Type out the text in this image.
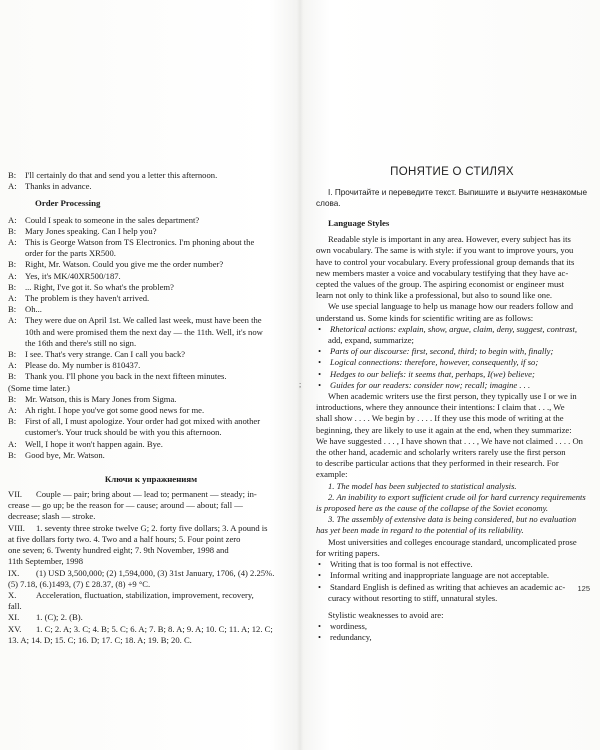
B:	I'll certainly do that and send you a letter this afternoon.
A: Thanks in advance.
Order Processing
A: Could I speak to someone in the sales department?
B:	Mary Jones speaking. Can I help you?
A: This is George Watson from TS Electronics. I'm phoning about the
order for the parts XR500.
B:	Right, Mr. Watson. Could you give me the order number?
A: Yes, it's MK/40XR500/187.
B:	... Right, I've got it. So what's the problem?
A: The problem is they haven't arrived.
B:	Oh...
A: They were due on April 1st. We called last week, must have been the
10th and were promised them the next day — the 11th. Well, it's now
the 16th and there's still no sign.
B:	I see. That's very strange. Can I call you back?
A: Please do. My number is 810437.
B:	Thank you. I'll phone you back in the next fifteen minutes.
(Some time later.)
B:	Mr. Watson, this is Mary Jones from Sigma.
A: Ah right. I hope you've got some good news for me.
B:	First of all, I must apologize. Your order had got mixed with another
customer's. Your truck should be with you this afternoon.
A: Well, I hope it won't happen again. Bye.
B:	Good bye, Mr. Watson.
Ключи к упражнениям
VII.	Couple — pair; bring about — lead to; permanent — steady; in-
crease — go up; be the reason for — cause; around — about; fall —
decrease; slash — stroke.
VIII.	1. seventy three stroke twelve G; 2. forty five dollars; 3. A pound is
at five dollars forty two. 4. Two and a half hours; 5. Four point zero
one seven; 6. Twenty hundred eight; 7. 9th November, 1998 and
11th September, 1998
IX.	(1) USD 3,500,000; (2) 1,594,000, (3) 31st January, 1706, (4) 2.25%.
(5) 7.18, (6.)1493, (7) £ 28.37, (8) +9 °C.
X.	Acceleration, fluctuation, stabilization, improvement, recovery,
fall.
XI.	1. (C); 2. (B).
XV.	1. C; 2. A; 3. C; 4. B; 5. C; 6. A; 7. B; 8. A; 9. A; 10. C; 11. A; 12. C;
13. A; 14. D; 15. C; 16. D; 17. C; 18. A; 19. B; 20. C.
;
ПОНЯТИЕ О СТИЛЯХ
I. Прочитайте и переведите текст. Выпишите и выучите незнакомые
слова.
Language Styles
Readable style is important in any area. However, every subject has its
own vocabulary. The same is with style: if you want to improve yours, you
have to control your vocabulary. Every professional group demands that its
new members master a voice and vocabulary testifying that they have ac-
cepted the values of the group. The aspiring economist or engineer must
learn not only to think like a professional, but also to sound like one.
We use special language to help us manage how our readers follow and
understand us. Some kinds for scientific writing are as follows:
•	Rhetorical actions: explain, show, argue, claim, deny, suggest, contrast,
add, expand, summarize;
•	Parts of our discourse: first, second, third; to begin with, finally;
•	Logical connections: therefore, however, consequently, if so;
•	Hedges to our beliefs: it seems that, perhaps, I(we) believe;
•	Guides for our readers: consider now; recall; imagine . . .
When academic writers use the first person, they typically use I or we in
introductions, where they announce their intentions: I claim that . . ., We
shall show . . . . We begin by . . . . If they use this mode of writing at the
beginning, they are likely to use it again at the end, when they summarize:
We have suggested . . . , I have shown that . . . , We have not claimed . . . . On
the other hand, academic and scholarly writers rarely use the first person
to describe particular actions that they performed in their research. For
example:
1. The model has been subjected to statistical analysis.
2. An inability to export sufficient crude oil for hard currency requirements
is proposed here as the cause of the collapse of the Soviet economy.
3. The assembly of extensive data is being considered, but no evaluation
has yet been made in regard to the potential of its reliability.
Most universities and colleges encourage standard, uncomplicated prose
for writing papers.
•	Writing that is too formal is not effective.
•	Informal writing and inappropriate language are not acceptable.
•	Standard English is defined as writing that achieves an academic ac-
curacy without resorting to stiff, unnatural styles.
Stylistic weaknesses to avoid are:
•	wordiness,
•	redundancy,
125
